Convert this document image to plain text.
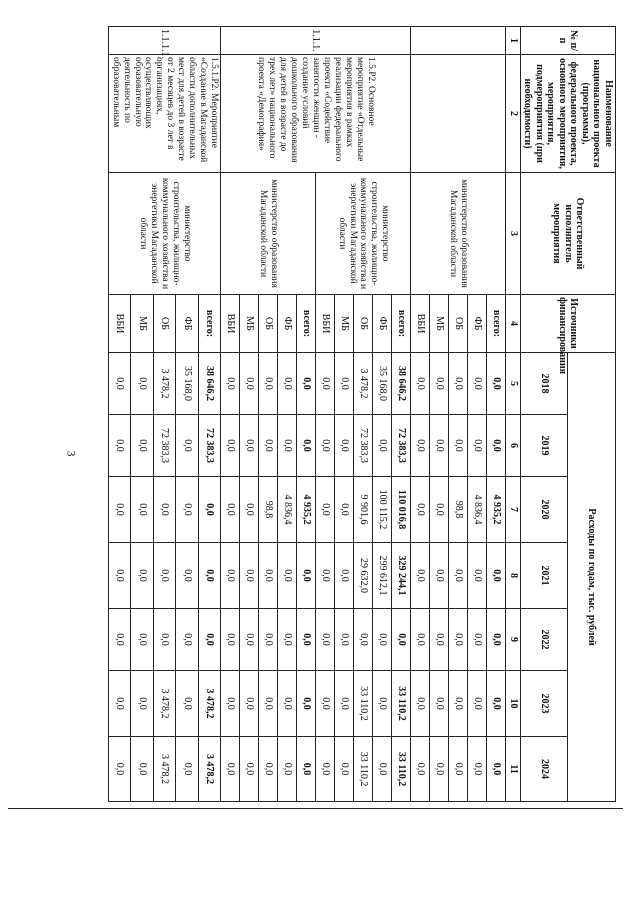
3
№ п/п	Наименование национального проекта (программы), федерального проекта, основного мероприятия, мероприятия, подмероприятия (при необходимости)	Ответственный исполнитель мероприятия	Источники финансирования	Расходы по годам, тыс. рублей						
				2018	2019	2020	2021	2022	2023	2024
1	2	3	4	5	6	7	8	9	10	11
		министерство образования Магаданской области	всего:	0,0	0,0	4 935,2	0,0	0,0	0,0	0,0
			ФБ	0,0	0,0	4 836,4	0,0	0,0	0,0	0,0
			ОБ	0,0	0,0	98,8	0,0	0,0	0,0	0,0
			МБ	0,0	0,0	0,0	0,0	0,0	0,0	0,0
			ВБИ	0,0	0,0	0,0	0,0	0,0	0,0	0,0
1.1.1.	1.5.Р2. Основное мероприятие «Отдельные мероприятия в рамках реализации федерального проекта «Содействие занятости женщин - создание условий дошкольного образования для детей в возрасте до трех лет» национального проекта «Демография»	министерство строительства, жилищно-коммунального хозяйства и энергетики Магаданской области	всего:	38 646,2	72 383,3	110 016,8	329 244,1	0,0	33 110,2	33 110,2
			ФБ	35 168,0	0,0	100 115,2	299 612,1	0,0	0,0	0,0
			ОБ	3 478,2	72 383,3	9 901,6	29 632,0	0,0	33 110,2	33 110,2
			МБ	0,0	0,0	0,0	0,0	0,0	0,0	0,0
			ВБИ	0,0	0,0	0,0	0,0	0,0	0,0	0,0
		министерство образования Магаданской области	всего:	0,0	0,0	4 935,2	0,0	0,0	0,0	0,0
			ФБ	0,0	0,0	4 836,4	0,0	0,0	0,0	0,0
			ОБ	0,0	0,0	98,8	0,0	0,0	0,0	0,0
			МБ	0,0	0,0	0,0	0,0	0,0	0,0	0,0
			ВБИ	0,0	0,0	0,0	0,0	0,0	0,0	0,0
1.1.1.1.	1.5.1.Р2. Мероприятие «Создание в Магаданской области дополнительных мест для детей в возрасте от 2 месяцев до 3 лет в организациях, осуществляющих образовательную деятельность по образовательным	министерство строительства, жилищно-коммунального хозяйства и энергетики Магаданской области	всего:	38 646,2	72 383,3	0,0	0,0	0,0	3 478,2	3 478,2
			ФБ	35 168,0	0,0	0,0	0,0	0,0	0,0	0,0
			ОБ	3 478,2	72 383,3	0,0	0,0	0,0	3 478,2	3 478,2
			МБ	0,0	0,0	0,0	0,0	0,0	0,0	0,0
			ВБИ	0,0	0,0	0,0	0,0	0,0	0,0	0,0
